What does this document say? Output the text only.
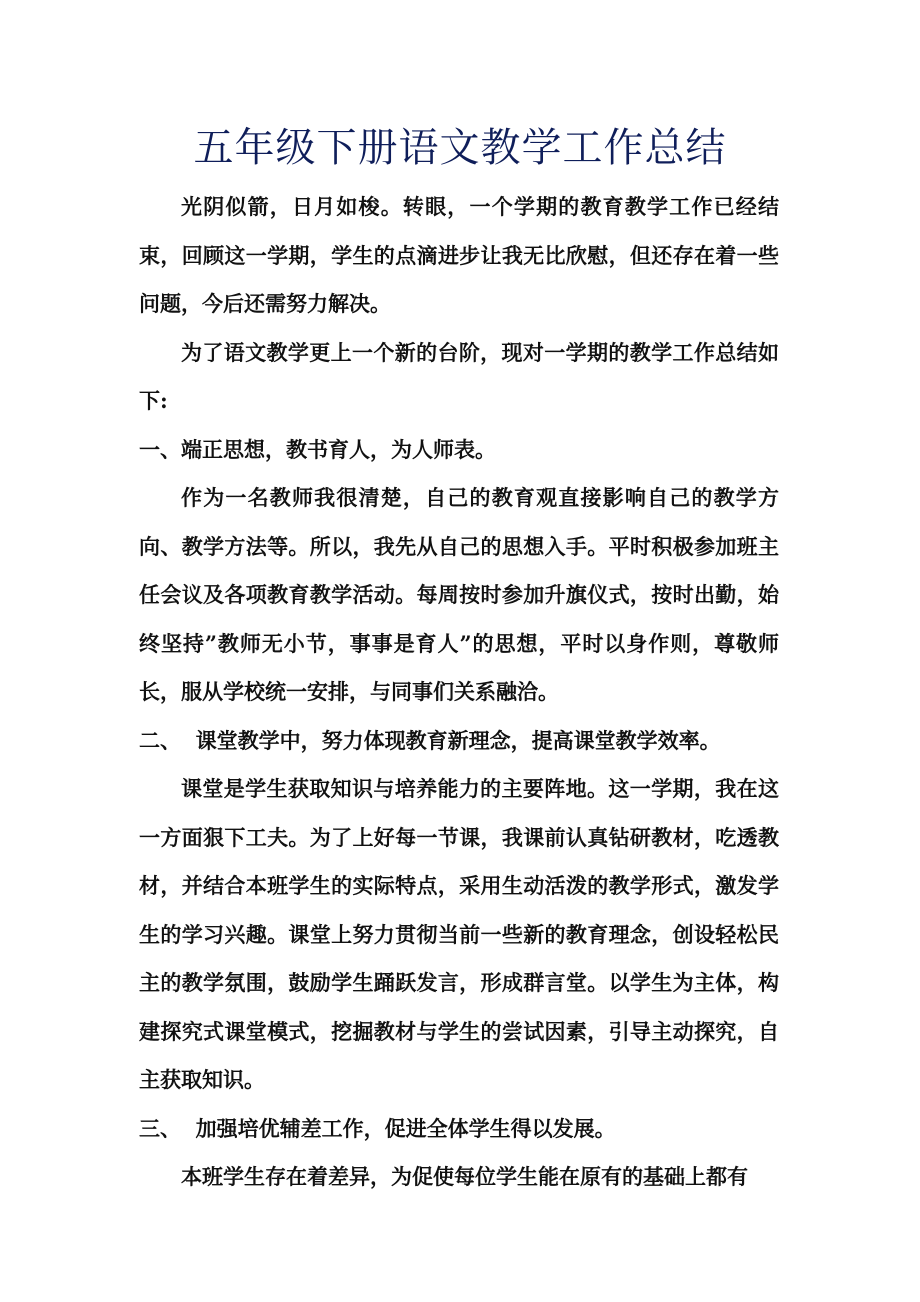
五年级下册语文教学工作总结

光阴似箭，日月如梭。转眼，一个学期的教育教学工作已经结束，回顾这一学期，学生的点滴进步让我无比欣慰，但还存在着一些问题，今后还需努力解决。

为了语文教学更上一个新的台阶，现对一学期的教学工作总结如下:

一、端正思想，教书育人，为人师表。

作为一名教师我很清楚，自己的教育观直接影响自己的教学方向、教学方法等。所以，我先从自己的思想入手。平时积极参加班主任会议及各项教育教学活动。每周按时参加升旗仪式，按时出勤，始终坚持”教师无小节，事事是育人”的思想，平时以身作则，尊敬师长，服从学校统一安排，与同事们关系融洽。

二、  课堂教学中，努力体现教育新理念，提高课堂教学效率。

课堂是学生获取知识与培养能力的主要阵地。这一学期，我在这一方面狠下工夫。为了上好每一节课，我课前认真钻研教材，吃透教材，并结合本班学生的实际特点，采用生动活泼的教学形式，激发学生的学习兴趣。课堂上努力贯彻当前一些新的教育理念，创设轻松民主的教学氛围，鼓励学生踊跃发言，形成群言堂。以学生为主体，构建探究式课堂模式，挖掘教材与学生的尝试因素，引导主动探究，自主获取知识。

三、  加强培优辅差工作，促进全体学生得以发展。

本班学生存在着差异，为促使每位学生能在原有的基础上都有
